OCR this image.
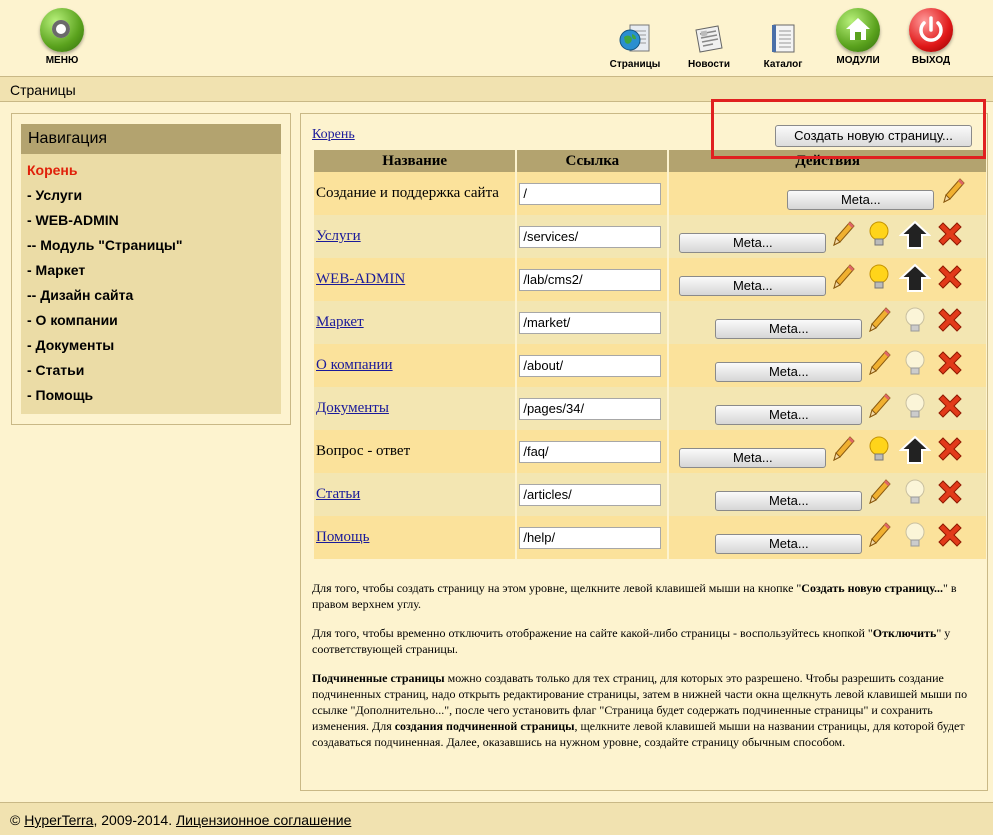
МЕНЮ	Страницы	Новости	Каталог	МОДУЛИ	ВЫХОД
Страницы
Навигация
Корень
- Услуги
- WEB-ADMIN
-- Модуль "Страницы"
- Маркет
-- Дизайн сайта
- О компании
- Документы
- Статьи
- Помощь
Корень	Создать новую страницу...
Название	Ссылка	Действия
Создание и поддержка сайта	/	Meta...

Услуги	/services/	Meta...

WEB-ADMIN	/lab/cms2/	Meta...

Маркет	/market/	Meta...

О компании	/about/	Meta...

Документы	/pages/34/	Meta...

Вопрос - ответ	/faq/	Meta...

Статьи	/articles/	Meta...

Помощь	/help/	Meta...

Для того, чтобы создать страницу на этом уровне, щелкните левой клавишей мыши на кнопке "Создать новую страницу..." в правом верхнем углу.

Для того, чтобы временно отключить отображение на сайте какой-либо страницы - воспользуйтесь кнопкой "Отключить" у соответствующей страницы.

Подчиненные страницы можно создавать только для тех страниц, для которых это разрешено. Чтобы разрешить создание подчиненных страниц, надо открыть редактирование страницы, затем в нижней части окна щелкнуть левой клавишей мыши по ссылке "Дополнительно...", после чего установить флаг "Страница будет содержать подчиненные страницы" и сохранить изменения. Для создания подчиненной страницы, щелкните левой клавишей мыши на названии страницы, для которой будет создаваться подчиненная. Далее, оказавшись на нужном уровне, создайте страницу обычным способом.

© HyperTerra, 2009-2014. Лицензионное соглашение
